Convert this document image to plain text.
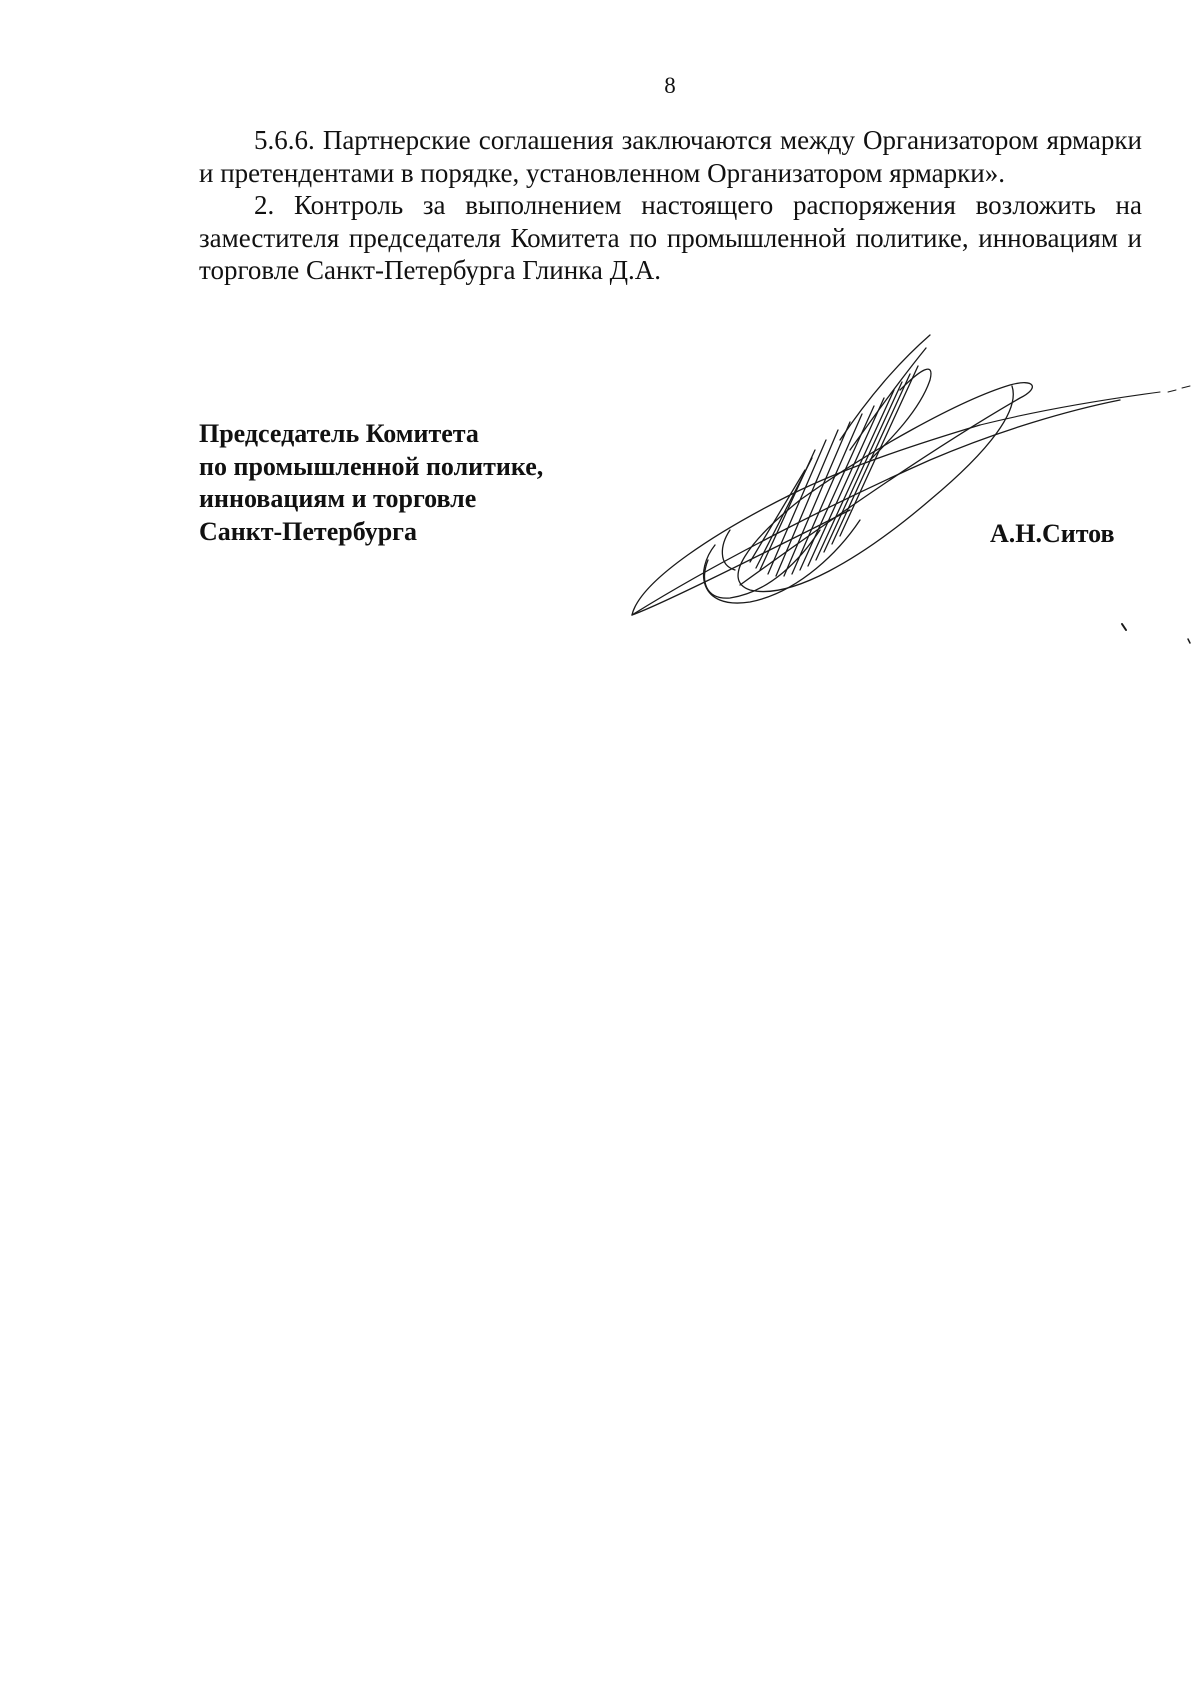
8

5.6.6. Партнерские соглашения заключаются между Организатором ярмарки и претендентами в порядке, установленном Организатором ярмарки».

2. Контроль за выполнением настоящего распоряжения возложить на заместителя председателя Комитета по промышленной политике, инновациям и торговле Санкт-Петербурга Глинка Д.А.

Председатель Комитета
по промышленной политике,
инновациям и торговле
Санкт-Петербурга	А.Н.Ситов
